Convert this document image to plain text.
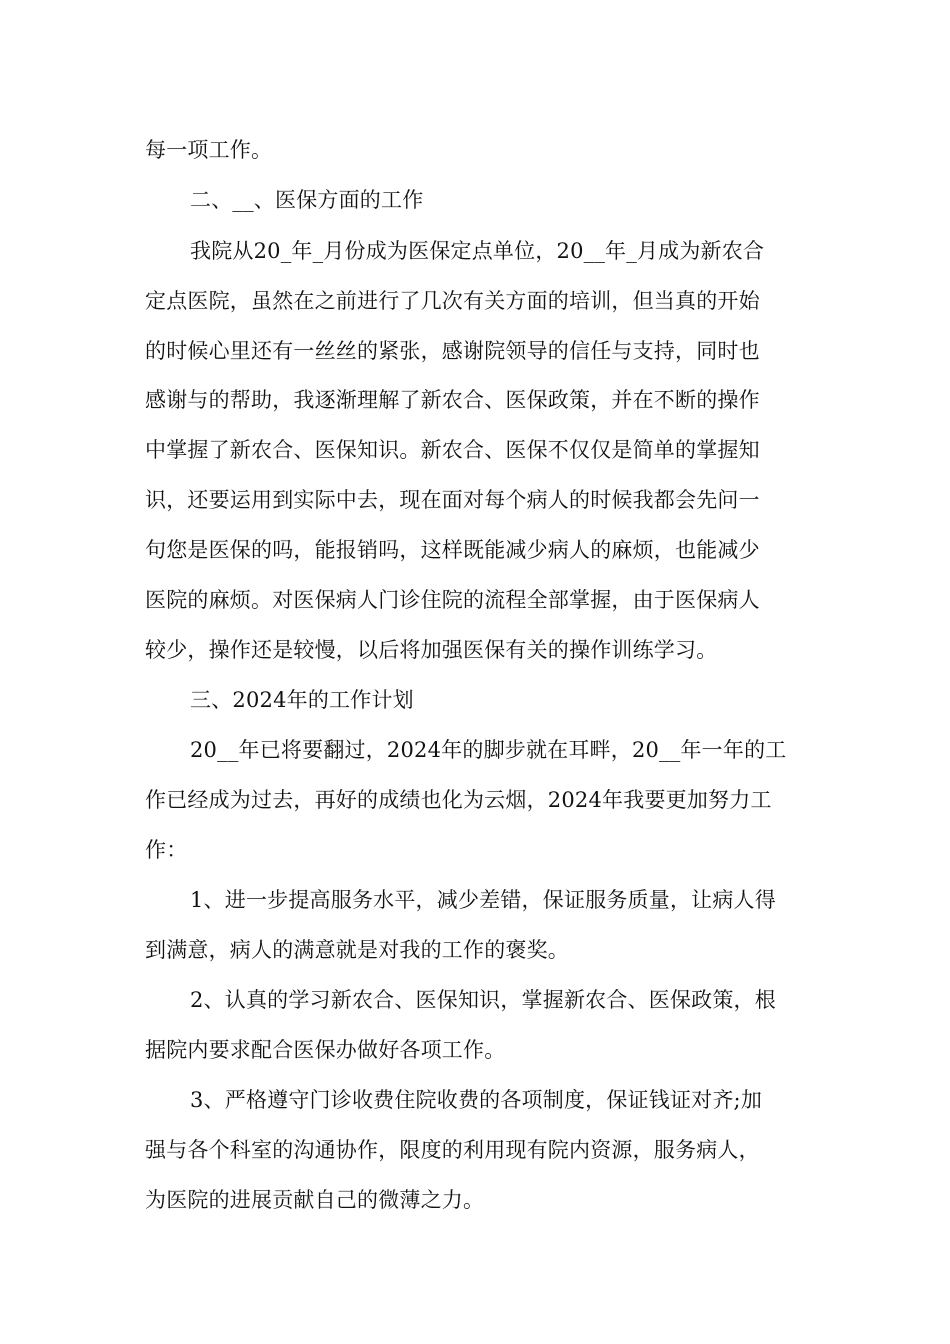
每一项工作。
二、__、医保方面的工作
我院从20_年_月份成为医保定点单位，20__年_月成为新农合
定点医院，虽然在之前进行了几次有关方面的培训，但当真的开始
的时候心里还有一丝丝的紧张，感谢院领导的信任与支持，同时也
感谢与的帮助，我逐渐理解了新农合、医保政策，并在不断的操作
中掌握了新农合、医保知识。新农合、医保不仅仅是简单的掌握知
识，还要运用到实际中去，现在面对每个病人的时候我都会先问一
句您是医保的吗，能报销吗，这样既能减少病人的麻烦，也能减少
医院的麻烦。对医保病人门诊住院的流程全部掌握，由于医保病人
较少，操作还是较慢，以后将加强医保有关的操作训练学习。
三、2024年的工作计划
20__年已将要翻过，2024年的脚步就在耳畔，20__年一年的工
作已经成为过去，再好的成绩也化为云烟，2024年我要更加努力工
作：
1、进一步提高服务水平，减少差错，保证服务质量，让病人得
到满意，病人的满意就是对我的工作的褒奖。
2、认真的学习新农合、医保知识，掌握新农合、医保政策，根
据院内要求配合医保办做好各项工作。
3、严格遵守门诊收费住院收费的各项制度，保证钱证对齐;加
强与各个科室的沟通协作，限度的利用现有院内资源，服务病人，
为医院的进展贡献自己的微薄之力。
